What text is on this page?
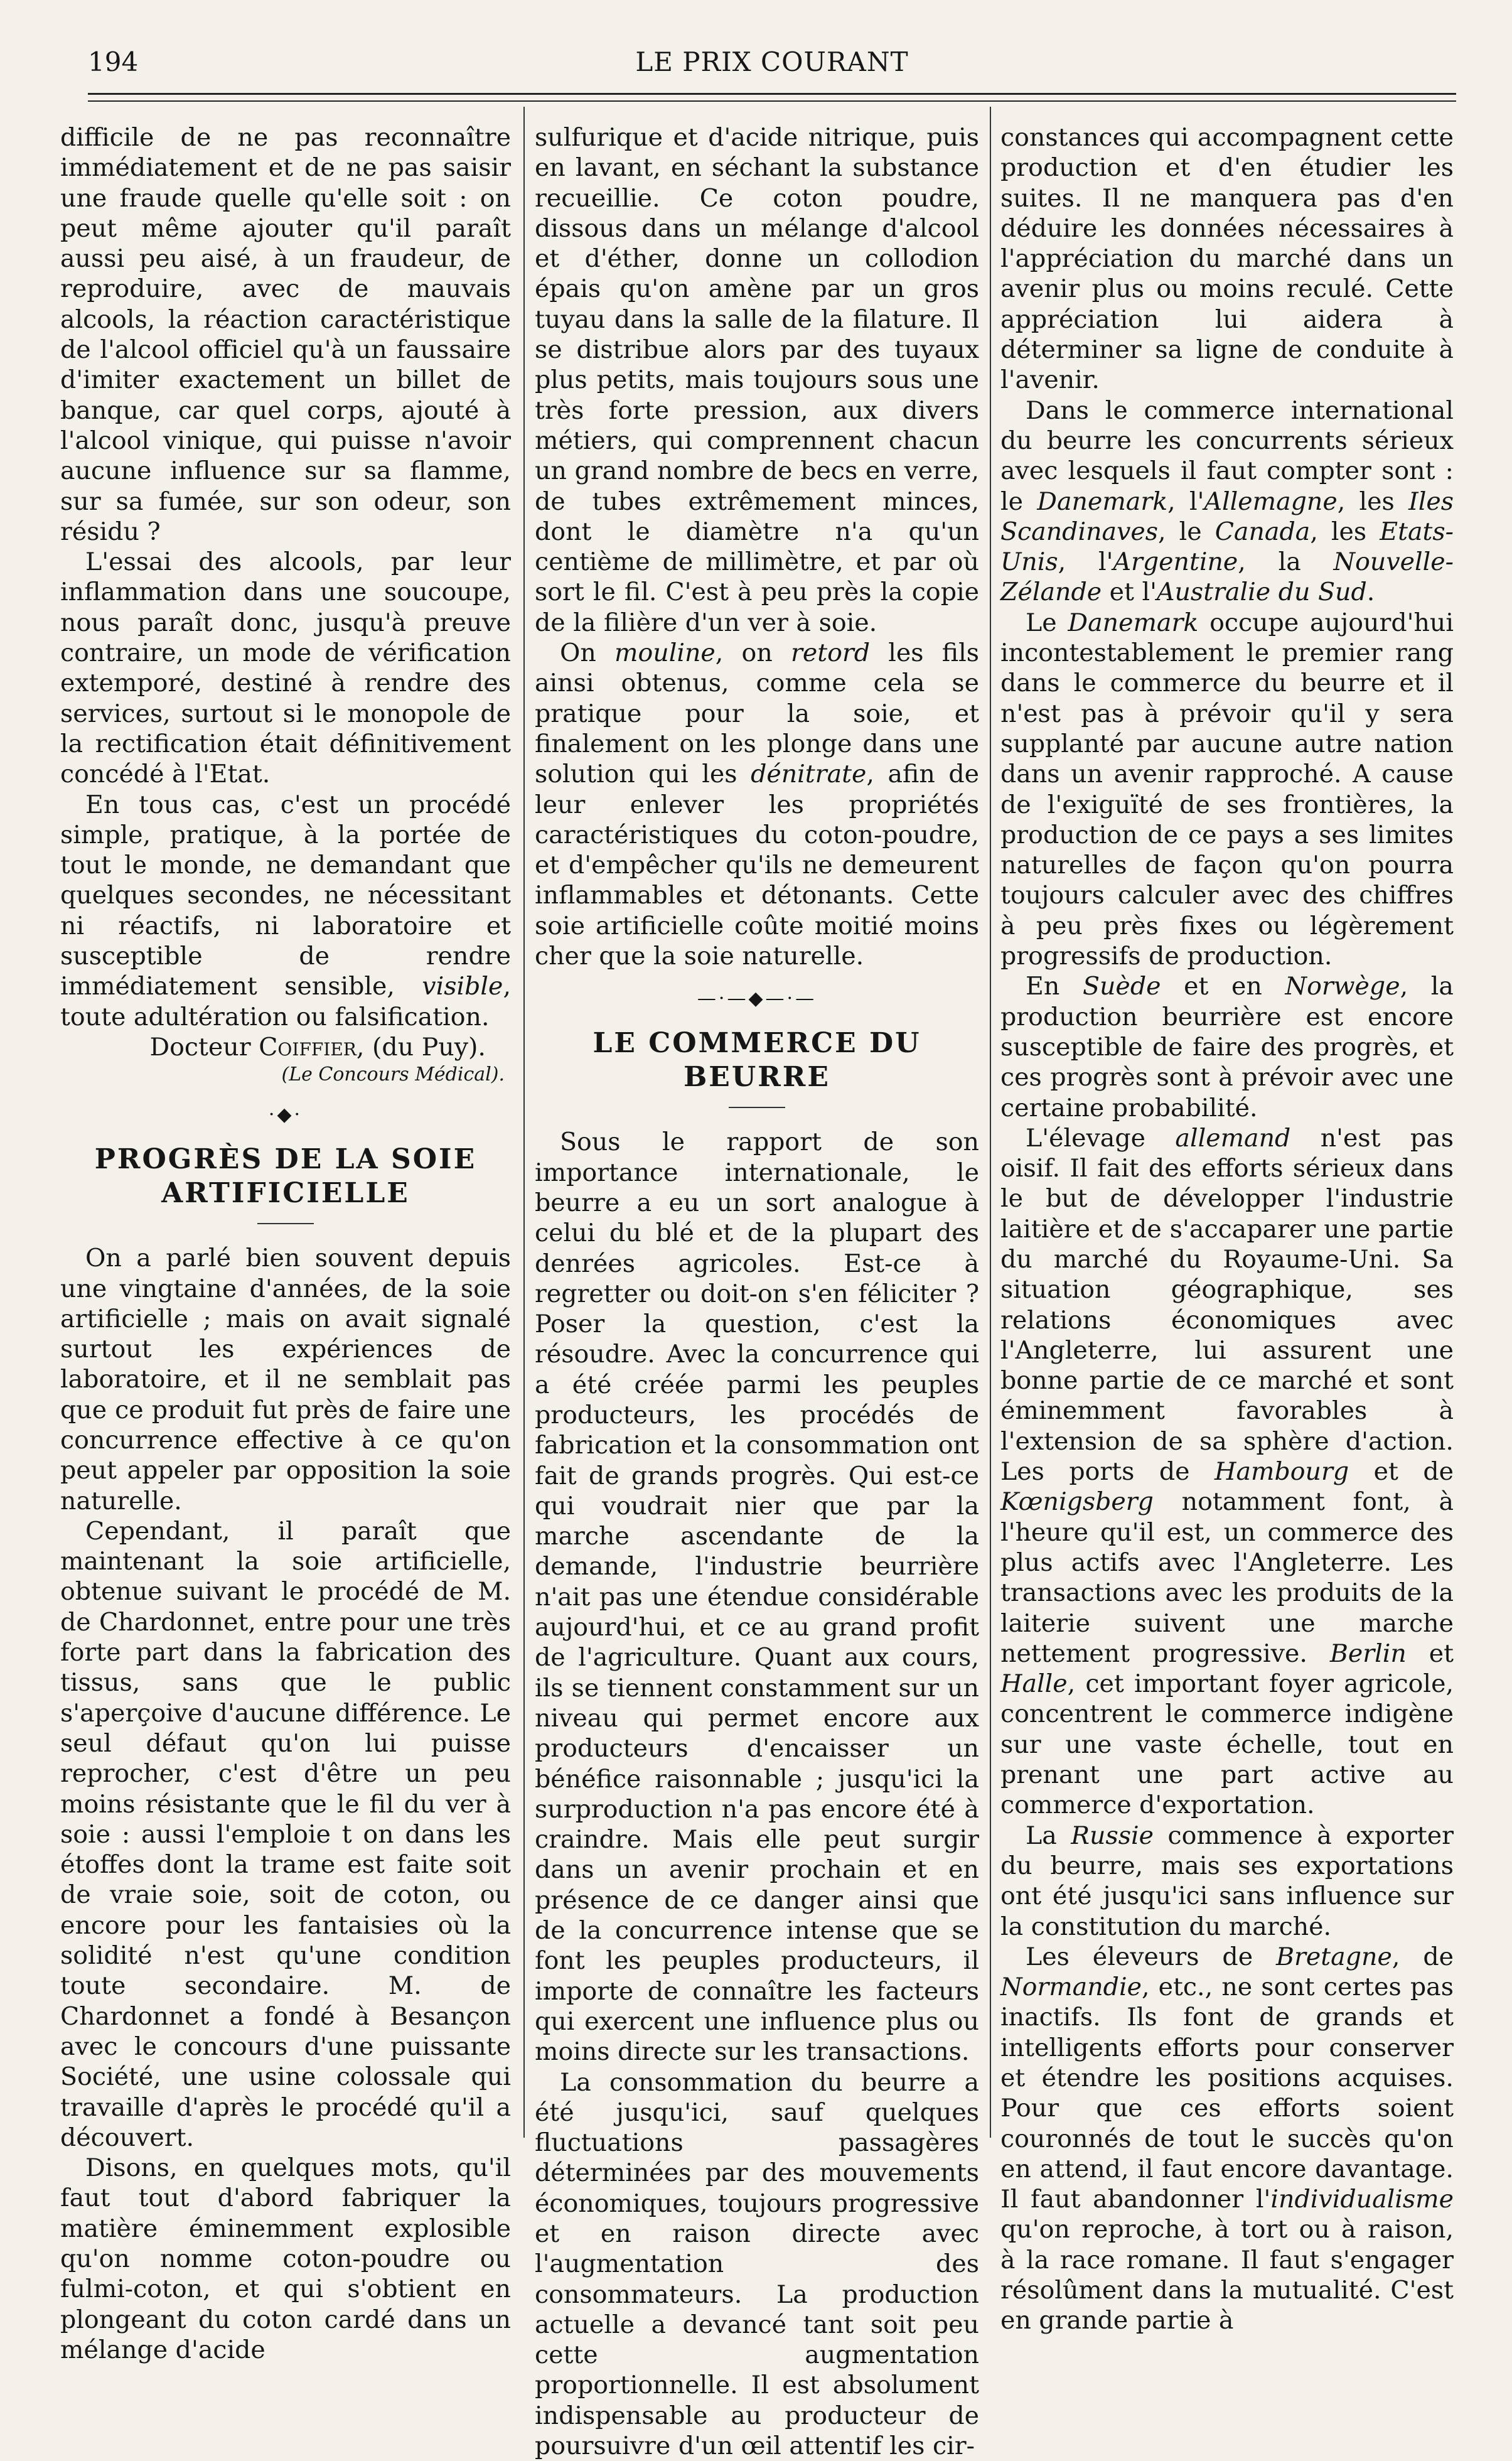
194	LE PRIX COURANT

difficile de ne pas reconnaître immédiatement et de ne pas saisir une fraude quelle qu'elle soit : on peut même ajouter qu'il paraît aussi peu aisé, à un fraudeur, de reproduire, avec de mauvais alcools, la réaction caractéristique de l'alcool officiel qu'à un faussaire d'imiter exactement un billet de banque, car quel corps, ajouté à l'alcool vinique, qui puisse n'avoir aucune influence sur sa flamme, sur sa fumée, sur son odeur, son résidu ?

L'essai des alcools, par leur inflammation dans une soucoupe, nous paraît donc, jusqu'à preuve contraire, un mode de vérification extemporé, destiné à rendre des services, surtout si le monopole de la rectification était définitivement concédé à l'Etat.

En tous cas, c'est un procédé simple, pratique, à la portée de tout le monde, ne demandant que quelques secondes, ne nécessitant ni réactifs, ni laboratoire et susceptible de rendre immédiatement sensible, visible, toute adultération ou falsification.

Docteur Coiffier, (du Puy).

(Le Concours Médical).

·◆·
PROGRÈS DE LA SOIE ARTIFICIELLE

On a parlé bien souvent depuis une vingtaine d'années, de la soie artificielle ; mais on avait signalé surtout les expériences de laboratoire, et il ne semblait pas que ce produit fut près de faire une concurrence effective à ce qu'on peut appeler par opposition la soie naturelle.

Cependant, il paraît que maintenant la soie artificielle, obtenue suivant le procédé de M. de Chardonnet, entre pour une très forte part dans la fabrication des tissus, sans que le public s'aperçoive d'aucune différence. Le seul défaut qu'on lui puisse reprocher, c'est d'être un peu moins résistante que le fil du ver à soie : aussi l'emploie t on dans les étoffes dont la trame est faite soit de vraie soie, soit de coton, ou encore pour les fantaisies où la solidité n'est qu'une condition toute secondaire. M. de Chardonnet a fondé à Besançon avec le concours d'une puissante Société, une usine colossale qui travaille d'après le procédé qu'il a découvert.

Disons, en quelques mots, qu'il faut tout d'abord fabriquer la matière éminemment explosible qu'on nomme coton-poudre ou fulmi-coton, et qui s'obtient en plongeant du coton cardé dans un mélange d'acide

sulfurique et d'acide nitrique, puis en lavant, en séchant la substance recueillie. Ce coton poudre, dissous dans un mélange d'alcool et d'éther, donne un collodion épais qu'on amène par un gros tuyau dans la salle de la filature. Il se distribue alors par des tuyaux plus petits, mais toujours sous une très forte pression, aux divers métiers, qui comprennent chacun un grand nombre de becs en verre, de tubes extrêmement minces, dont le diamètre n'a qu'un centième de millimètre, et par où sort le fil. C'est à peu près la copie de la filière d'un ver à soie.

On mouline, on retord les fils ainsi obtenus, comme cela se pratique pour la soie, et finalement on les plonge dans une solution qui les dénitrate, afin de leur enlever les propriétés caractéristiques du coton-poudre, et d'empêcher qu'ils ne demeurent inflammables et détonants. Cette soie artificielle coûte moitié moins cher que la soie naturelle.

—·—◆—·—
LE COMMERCE DU BEURRE

Sous le rapport de son importance internationale, le beurre a eu un sort analogue à celui du blé et de la plupart des denrées agricoles. Est-ce à regretter ou doit-on s'en féliciter ? Poser la question, c'est la résoudre. Avec la concurrence qui a été créée parmi les peuples producteurs, les procédés de fabrication et la consommation ont fait de grands progrès. Qui est-ce qui voudrait nier que par la marche ascendante de la demande, l'industrie beurrière n'ait pas une étendue considérable aujourd'hui, et ce au grand profit de l'agriculture. Quant aux cours, ils se tiennent constamment sur un niveau qui permet encore aux producteurs d'encaisser un bénéfice raisonnable ; jusqu'ici la surproduction n'a pas encore été à craindre. Mais elle peut surgir dans un avenir prochain et en présence de ce danger ainsi que de la concurrence intense que se font les peuples producteurs, il importe de connaître les facteurs qui exercent une influence plus ou moins directe sur les transactions.

La consommation du beurre a été jusqu'ici, sauf quelques fluctuations passagères déterminées par des mouvements économiques, toujours progressive et en raison directe avec l'augmentation des consommateurs. La production actuelle a devancé tant soit peu cette augmentation proportionnelle. Il est absolument indispensable au producteur de poursuivre d'un œil attentif les cir-

constances qui accompagnent cette production et d'en étudier les suites. Il ne manquera pas d'en déduire les données nécessaires à l'appréciation du marché dans un avenir plus ou moins reculé. Cette appréciation lui aidera à déterminer sa ligne de conduite à l'avenir.

Dans le commerce international du beurre les concurrents sérieux avec lesquels il faut compter sont : le Danemark, l'Allemagne, les Iles Scandinaves, le Canada, les Etats-Unis, l'Argentine, la Nouvelle-Zélande et l'Australie du Sud.

Le Danemark occupe aujourd'hui incontestablement le premier rang dans le commerce du beurre et il n'est pas à prévoir qu'il y sera supplanté par aucune autre nation dans un avenir rapproché. A cause de l'exiguïté de ses frontières, la production de ce pays a ses limites naturelles de façon qu'on pourra toujours calculer avec des chiffres à peu près fixes ou légèrement progressifs de production.

En Suède et en Norwège, la production beurrière est encore susceptible de faire des progrès, et ces progrès sont à prévoir avec une certaine probabilité.

L'élevage allemand n'est pas oisif. Il fait des efforts sérieux dans le but de développer l'industrie laitière et de s'accaparer une partie du marché du Royaume-Uni. Sa situation géographique, ses relations économiques avec l'Angleterre, lui assurent une bonne partie de ce marché et sont éminemment favorables à l'extension de sa sphère d'action. Les ports de Hambourg et de Kœnigsberg notamment font, à l'heure qu'il est, un commerce des plus actifs avec l'Angleterre. Les transactions avec les produits de la laiterie suivent une marche nettement progressive. Berlin et Halle, cet important foyer agricole, concentrent le commerce indigène sur une vaste échelle, tout en prenant une part active au commerce d'exportation.

La Russie commence à exporter du beurre, mais ses exportations ont été jusqu'ici sans influence sur la constitution du marché.

Les éleveurs de Bretagne, de Normandie, etc., ne sont certes pas inactifs. Ils font de grands et intelligents efforts pour conserver et étendre les positions acquises. Pour que ces efforts soient couronnés de tout le succès qu'on en attend, il faut encore davantage. Il faut abandonner l'individualisme qu'on reproche, à tort ou à raison, à la race romane. Il faut s'engager résolûment dans la mutualité. C'est en grande partie à
